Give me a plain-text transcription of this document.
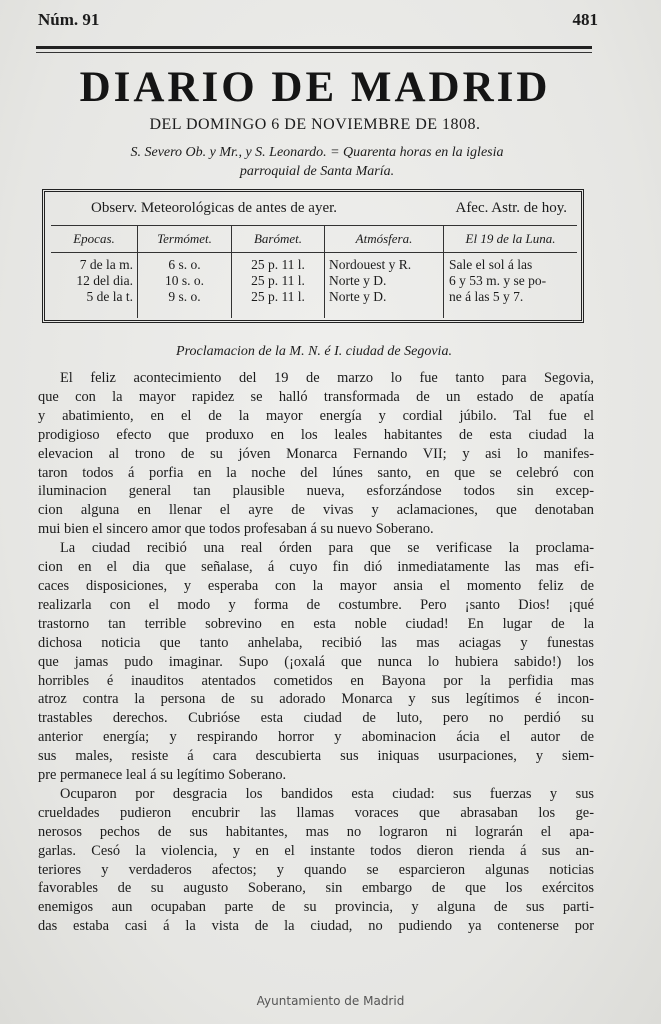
Núm. 91	481
DIARIO DE MADRID
DEL DOMINGO 6 DE NOVIEMBRE DE 1808.
S. Severo Ob. y Mr., y S. Leonardo. = Quarenta horas en la iglesia
parroquial de Santa María.
Observ. Meteorológicas de antes de ayer.	Afec. Astr. de hoy.
Epocas.
7 de la m.
12 del dia.
5 de la t.
Termómet.
6 s. o.
10 s. o.
9 s. o.
Barómet.
25 p. 11 l.
25 p. 11 l.
25 p. 11 l.
Atmósfera.
Nordouest y R.
Norte y D.
Norte y D.
El 19 de la Luna.
Sale el sol á las
6 y 53 m. y se po-
ne á las 5 y 7.
Proclamacion de la M. N. é I. ciudad de Segovia.
El feliz acontecimiento del 19 de marzo lo fue tanto para Segovia,
que con la mayor rapidez se halló transformada de un estado de apatía
y abatimiento, en el de la mayor energía y cordial júbilo. Tal fue el
prodigioso efecto que produxo en los leales habitantes de esta ciudad la
elevacion al trono de su jóven Monarca Fernando VII; y asi lo manifes-
taron todos á porfia en la noche del lúnes santo, en que se celebró con
iluminacion general tan plausible nueva, esforzándose todos sin excep-
cion alguna en llenar el ayre de vivas y aclamaciones, que denotaban
mui bien el sincero amor que todos profesaban á su nuevo Soberano.
La ciudad recibió una real órden para que se verificase la proclama-
cion en el dia que señalase, á cuyo fin dió inmediatamente las mas efi-
caces disposiciones, y esperaba con la mayor ansia el momento feliz de
realizarla con el modo y forma de costumbre. Pero ¡santo Dios! ¡qué
trastorno tan terrible sobrevino en esta noble ciudad! En lugar de la
dichosa noticia que tanto anhelaba, recibió las mas aciagas y funestas
que jamas pudo imaginar. Supo (¡oxalá que nunca lo hubiera sabido!) los
horribles é inauditos atentados cometidos en Bayona por la perfidia mas
atroz contra la persona de su adorado Monarca y sus legítimos é incon-
trastables derechos. Cubrióse esta ciudad de luto, pero no perdió su
anterior energía; y respirando horror y abominacion ácia el autor de
sus males, resiste á cara descubierta sus iniquas usurpaciones, y siem-
pre permanece leal á su legítimo Soberano.
Ocuparon por desgracia los bandidos esta ciudad: sus fuerzas y sus
crueldades pudieron encubrir las llamas voraces que abrasaban los ge-
nerosos pechos de sus habitantes, mas no lograron ni lograrán el apa-
garlas. Cesó la violencia, y en el instante todos dieron rienda á sus an-
teriores y verdaderos afectos; y quando se esparcieron algunas noticias
favorables de su augusto Soberano, sin embargo de que los exércitos
enemigos aun ocupaban parte de su provincia, y alguna de sus parti-
das estaba casi á la vista de la ciudad, no pudiendo ya contenerse por
Ayuntamiento de Madrid
